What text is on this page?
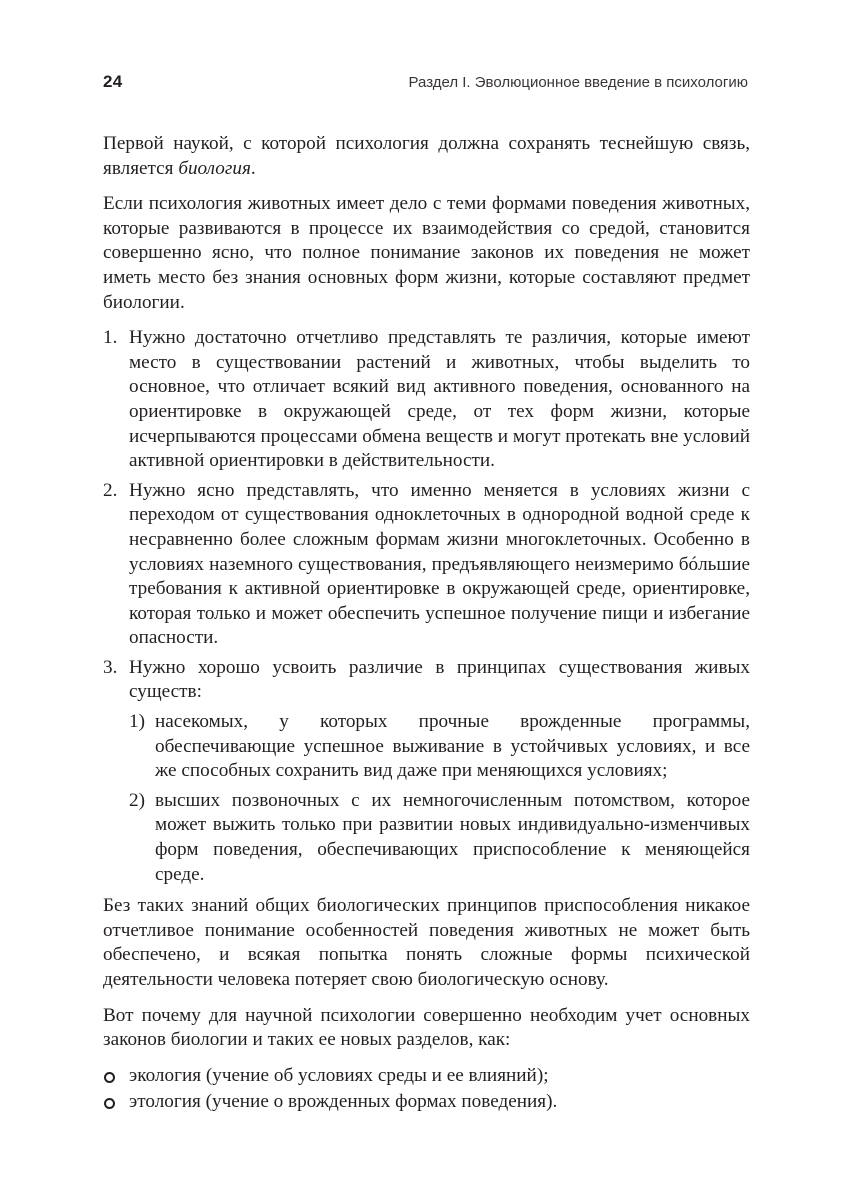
24	Раздел I. Эволюционное введение в психологию

Первой наукой, с которой психология должна сохранять теснейшую связь, является биология.

Если психология животных имеет дело с теми формами поведения животных, которые развиваются в процессе их взаимодействия со средой, становится совершенно ясно, что полное понимание законов их поведения не может иметь место без знания основных форм жизни, которые составляют предмет биологии.

1. Нужно достаточно отчетливо представлять те различия, которые имеют место в существовании растений и животных, чтобы выделить то основное, что отличает всякий вид активного поведения, основанного на ориентировке в окружающей среде, от тех форм жизни, которые исчерпываются процессами обмена веществ и могут протекать вне условий активной ориентировки в действительности.
2. Нужно ясно представлять, что именно меняется в условиях жизни с переходом от существования одноклеточных в однородной водной среде к несравненно более сложным формам жизни многоклеточных. Особенно в условиях наземного существования, предъявляющего неизмеримо бóльшие требования к активной ориентировке в окружающей среде, ориентировке, которая только и может обеспечить успешное получение пищи и избегание опасности.
3. Нужно хорошо усвоить различие в принципах существования живых существ:
1) насекомых, у которых прочные врожденные программы, обеспечивающие успешное выживание в устойчивых условиях, и все же способных сохранить вид даже при меняющихся условиях;
2) высших позвоночных с их немногочисленным потомством, которое может выжить только при развитии новых индивидуально-изменчивых форм поведения, обеспечивающих приспособление к меняющейся среде.

Без таких знаний общих биологических принципов приспособления никакое отчетливое понимание особенностей поведения животных не может быть обеспечено, и всякая попытка понять сложные формы психической деятельности человека потеряет свою биологическую основу.

Вот почему для научной психологии совершенно необходим учет основных законов биологии и таких ее новых разделов, как:

экология (учение об условиях среды и ее влияний);
этология (учение о врожденных формах поведения).
